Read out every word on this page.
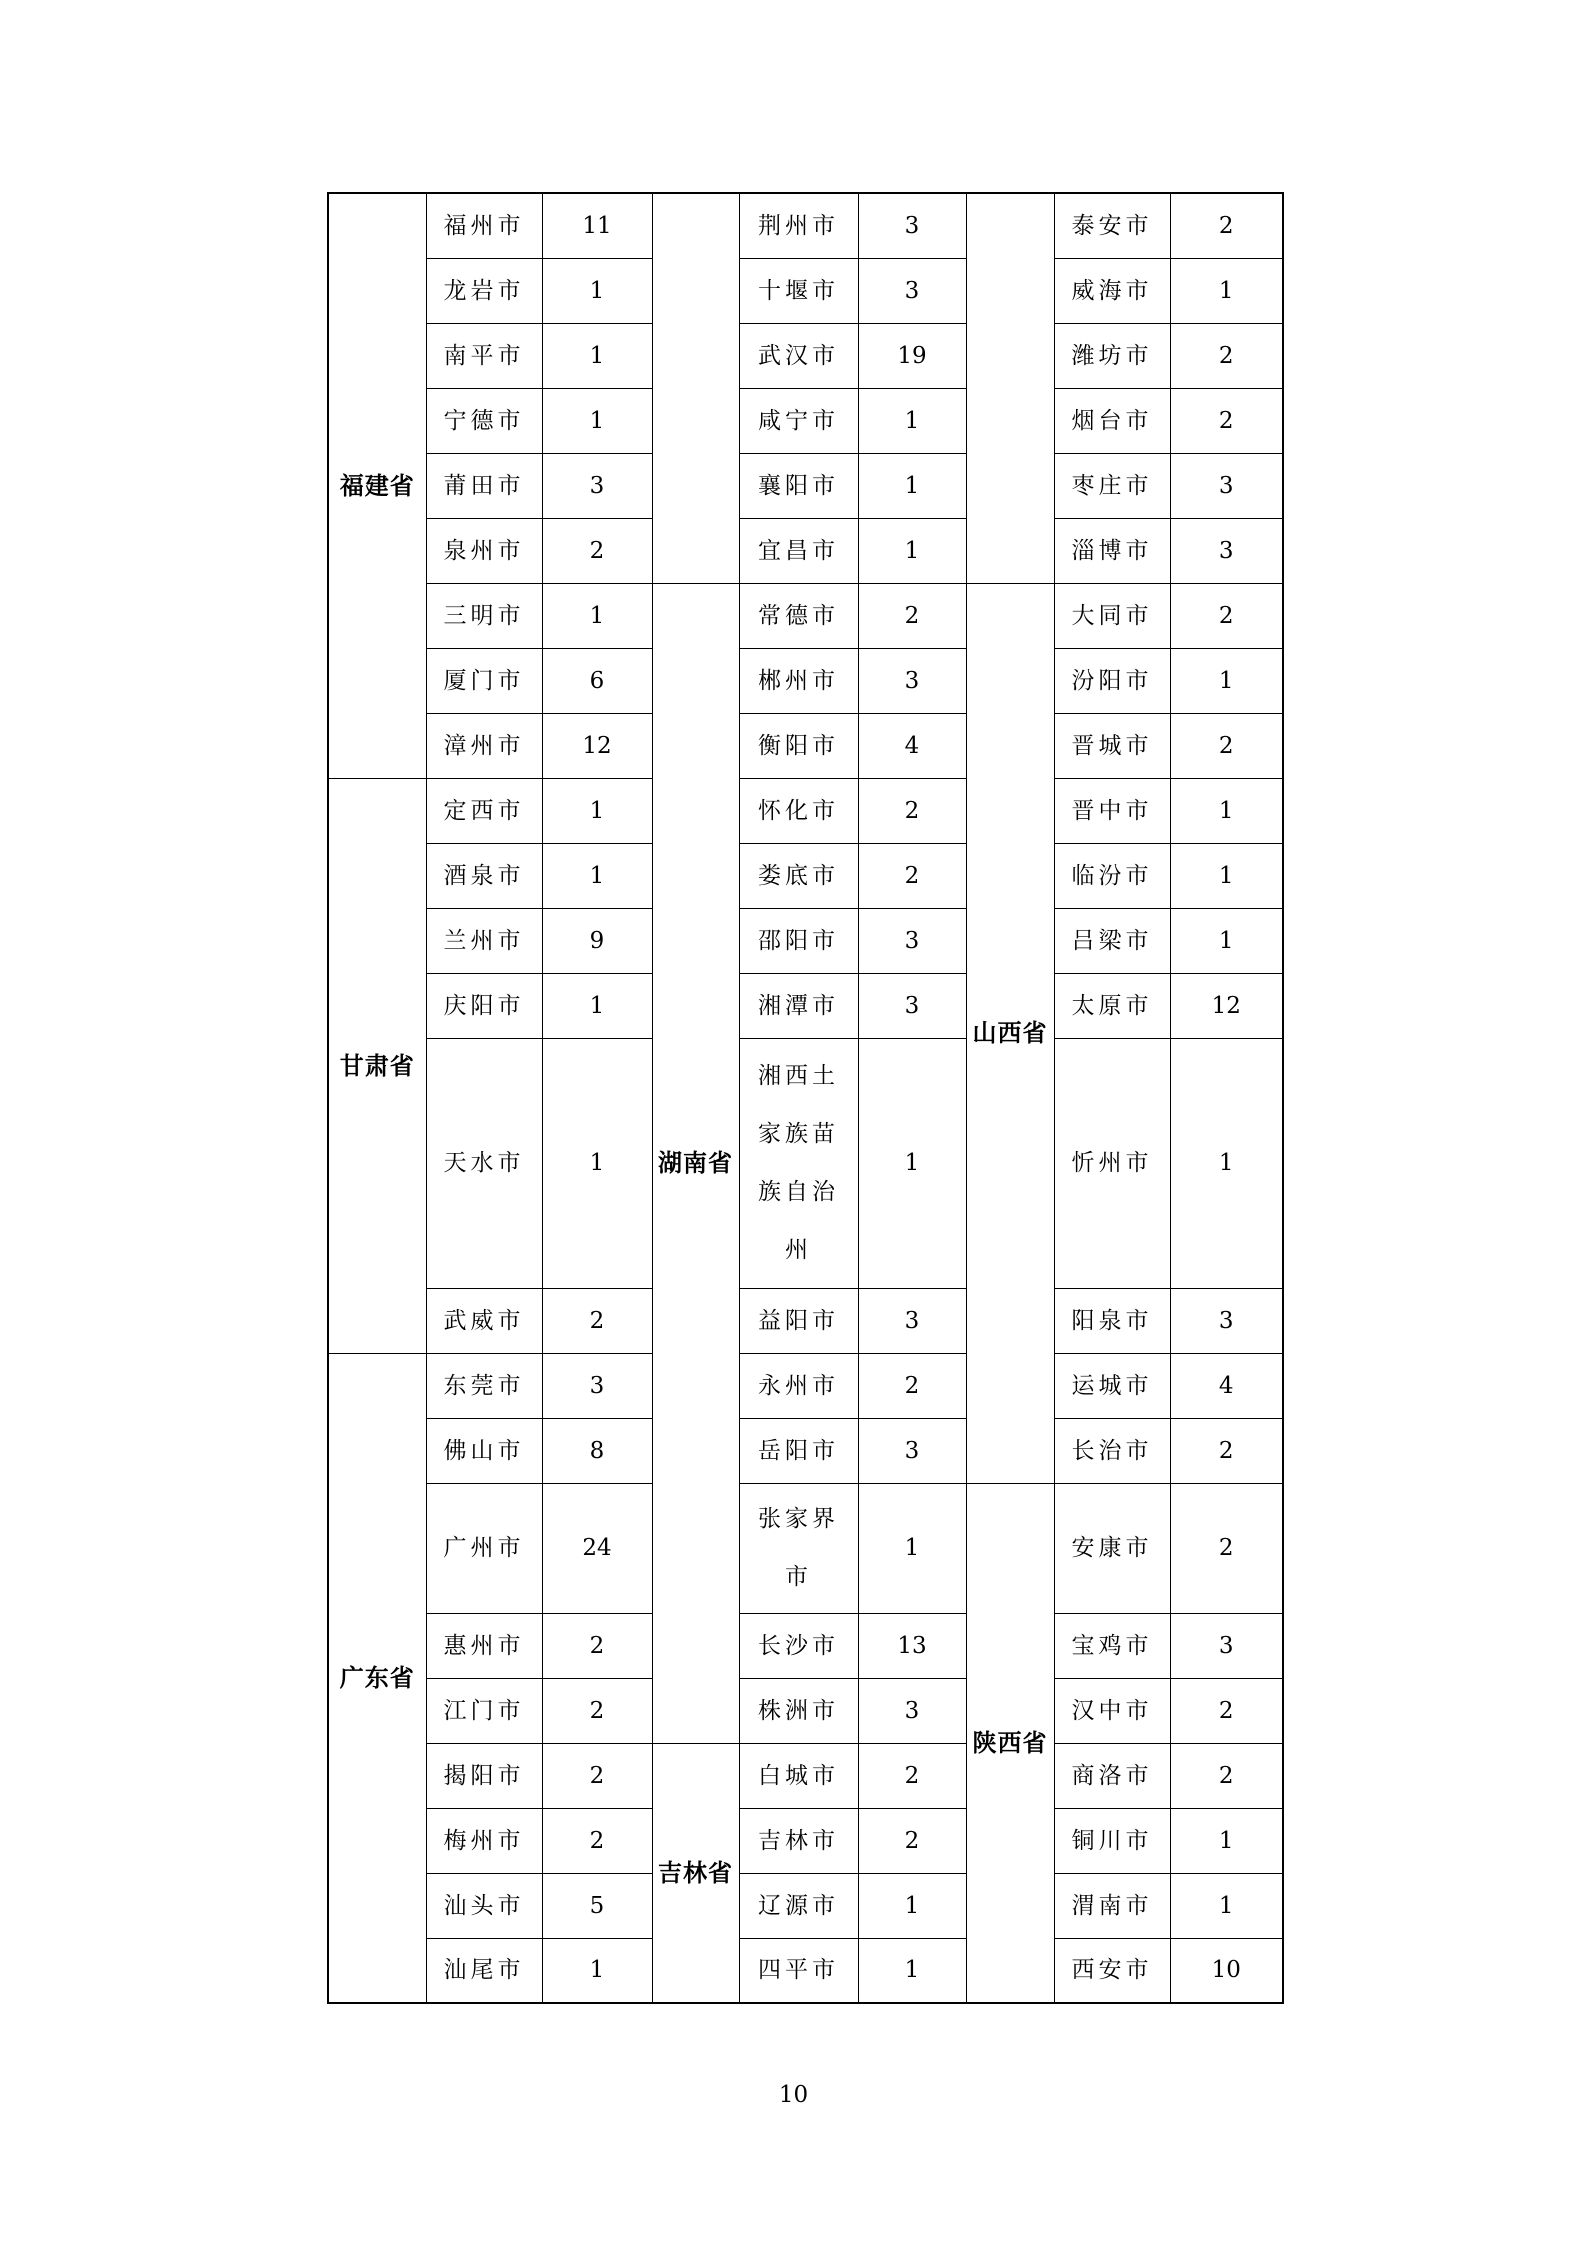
福建省	福州市	11		荆州市	3		泰安市	2
	龙岩市	1		十堰市	3		威海市	1
	南平市	1		武汉市	19		潍坊市	2
	宁德市	1		咸宁市	1		烟台市	2
	莆田市	3		襄阳市	1		枣庄市	3
	泉州市	2		宜昌市	1		淄博市	3
	三明市	1	湖南省	常德市	2	山西省	大同市	2
	厦门市	6		郴州市	3		汾阳市	1
	漳州市	12		衡阳市	4		晋城市	2
甘肃省	定西市	1		怀化市	2		晋中市	1
	酒泉市	1		娄底市	2		临汾市	1
	兰州市	9		邵阳市	3		吕梁市	1
	庆阳市	1		湘潭市	3		太原市	12
	天水市	1		湘西土家族苗族自治州	1		忻州市	1
	武威市	2		益阳市	3		阳泉市	3
广东省	东莞市	3		永州市	2		运城市	4
	佛山市	8		岳阳市	3		长治市	2
	广州市	24		张家界市	1	陕西省	安康市	2
	惠州市	2		长沙市	13		宝鸡市	3
	江门市	2		株洲市	3		汉中市	2
	揭阳市	2	吉林省	白城市	2		商洛市	2
	梅州市	2		吉林市	2		铜川市	1
	汕头市	5		辽源市	1		渭南市	1
	汕尾市	1		四平市	1		西安市	10
10
